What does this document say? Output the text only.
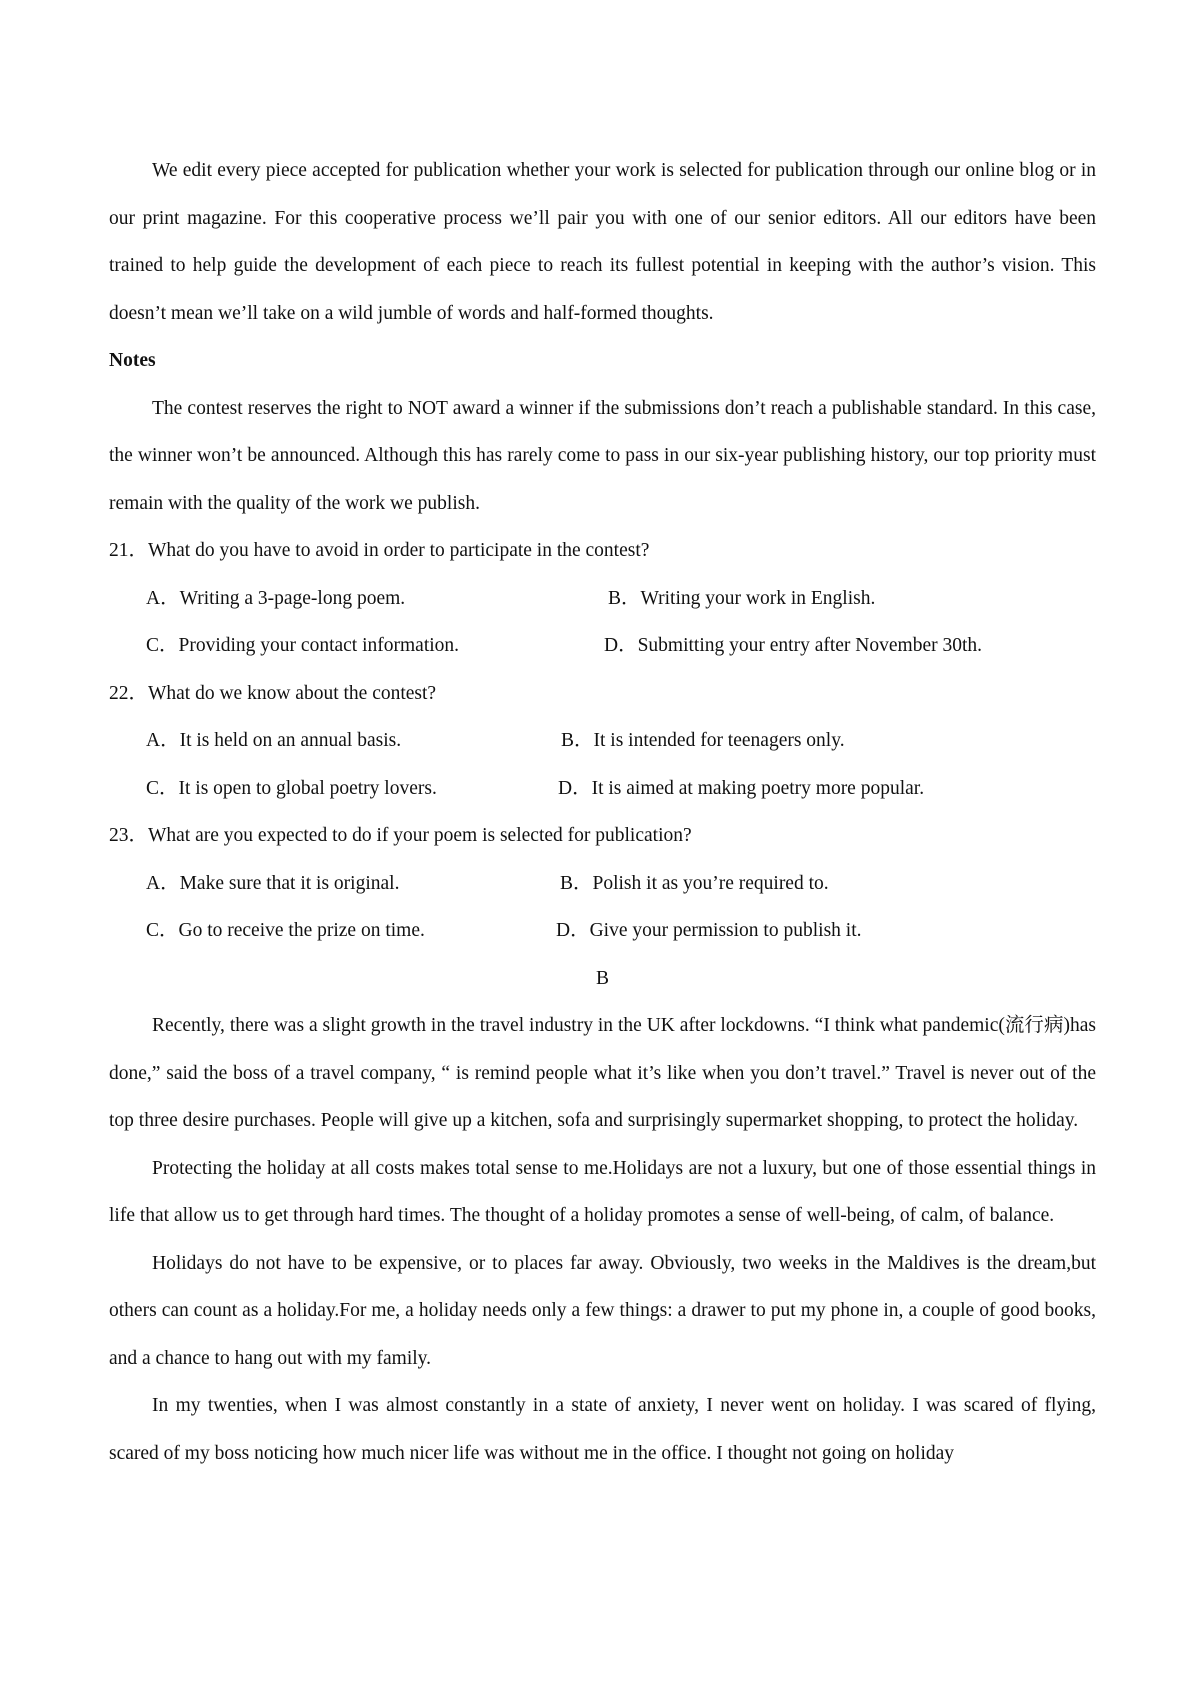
We edit every piece accepted for publication whether your work is selected for publication through our online blog or in our print magazine. For this cooperative process we’ll pair you with one of our senior editors. All our editors have been trained to help guide the development of each piece to reach its fullest potential in keeping with the author’s vision. This doesn’t mean we’ll take on a wild jumble of words and half-formed thoughts.

Notes

The contest reserves the right to NOT award a winner if the submissions don’t reach a publishable standard. In this case, the winner won’t be announced. Although this has rarely come to pass in our six-year publishing history, our top priority must remain with the quality of the work we publish.

21．What do you have to avoid in order to participate in the contest?

A．Writing a 3-page-long poem.	B．Writing your work in English.
C．Providing your contact information.	D．Submitting your entry after November 30th.

22．What do we know about the contest?

A．It is held on an annual basis.	B．It is intended for teenagers only.
C．It is open to global poetry lovers.	D．It is aimed at making poetry more popular.

23．What are you expected to do if your poem is selected for publication?

A．Make sure that it is original.	B．Polish it as you’re required to.
C．Go to receive the prize on time.	D．Give your permission to publish it.

B

Recently, there was a slight growth in the travel industry in the UK after lockdowns. “I think what pandemic(流行病)has done,” said the boss of a travel company, “ is remind people what it’s like when you don’t travel.” Travel is never out of the top three desire purchases. People will give up a kitchen, sofa and surprisingly supermarket shopping, to protect the holiday.

Protecting the holiday at all costs makes total sense to me.Holidays are not a luxury, but one of those essential things in life that allow us to get through hard times. The thought of a holiday promotes a sense of well-being, of calm, of balance.

Holidays do not have to be expensive, or to places far away. Obviously, two weeks in the Maldives is the dream,but others can count as a holiday.For me, a holiday needs only a few things: a drawer to put my phone in, a couple of good books, and a chance to hang out with my family.

In my twenties, when I was almost constantly in a state of anxiety, I never went on holiday. I was scared of flying, scared of my boss noticing how much nicer life was without me in the office. I thought not going on holiday
